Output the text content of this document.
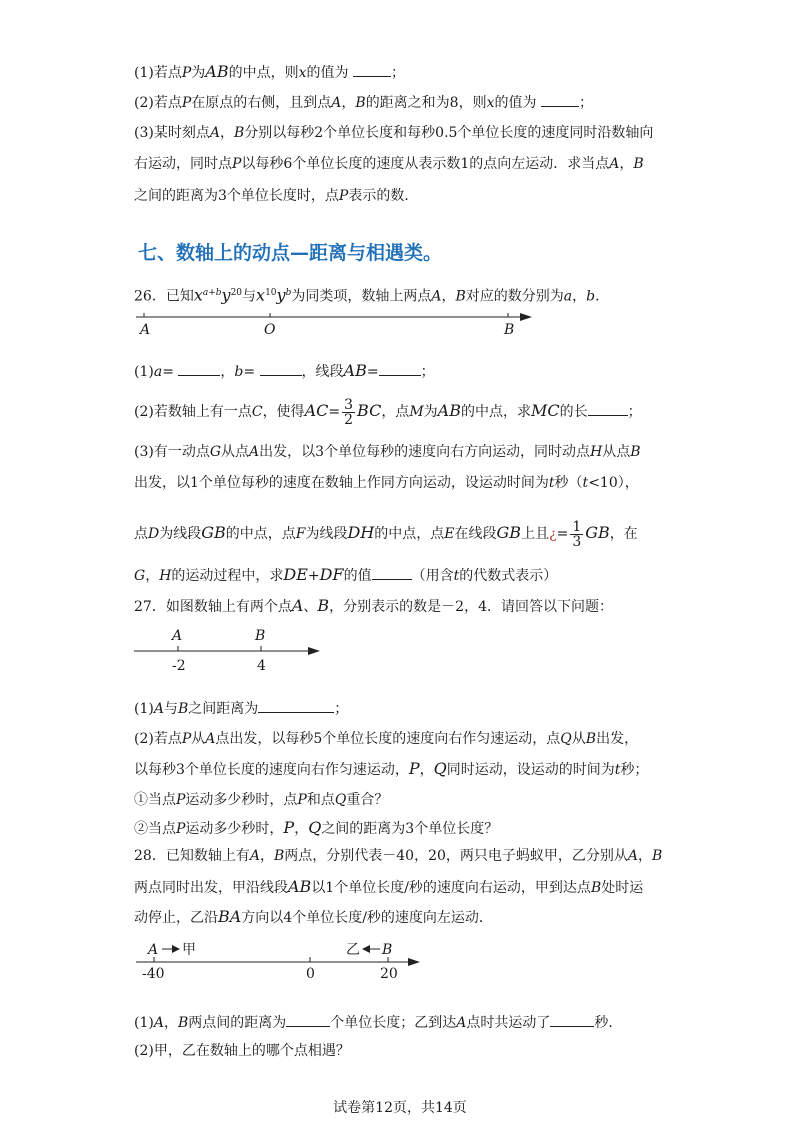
(1)若点P为AB的中点，则x的值为	；
(2)若点P在原点的右侧，且到点A，B的距离之和为8，则x的值为	；
(3)某时刻点A，B分别以每秒2个单位长度和每秒0.5个单位长度的速度同时沿数轴向
右运动，同时点P以每秒6个单位长度的速度从表示数1的点向左运动．求当点A，B
之间的距离为3个单位长度时，点P表示的数．
七、数轴上的动点—距离与相遇类。
26．已知$x^{a+b}y^{20}$与$x^{10}y^b$为同类项，数轴上两点A，B对应的数分别为a，b．
A	O	B
(1)a=	，b=	，线段AB=	；
(2)若数轴上有一点C，使得$AC= \frac{3}{2}$ BC，点M为AB的中点，求MC的长	；
(3)有一动点G从点A出发，以3个单位每秒的速度向右方向运动，同时动点H从点B
出发，以1个单位每秒的速度在数轴上作同方向运动，设运动时间为t秒（t<10），
点D为线段GB的中点，点F为线段DH的中点，点E在线段GB上且¿= $\frac{1}{3}$ GB，在
G，H的运动过程中，求DE+DF的值	（用含t的代数式表示）
27．如图数轴上有两个点A、B，分别表示的数是－2，4．请回答以下问题：
A	B
-2	4
(1)A与B之间距离为	；
(2)若点P从A点出发，以每秒5个单位长度的速度向右作匀速运动，点Q从B出发，
以每秒3个单位长度的速度向右作匀速运动，P，Q同时运动，设运动的时间为t秒；
①当点P运动多少秒时，点P和点Q重合？
②当点P运动多少秒时，P，Q之间的距离为3个单位长度？
28．已知数轴上有A，B两点，分别代表－40，20，两只电子蚂蚁甲，乙分别从A，B
两点同时出发，甲沿线段AB以1个单位长度/秒的速度向右运动，甲到达点B处时运
动停止，乙沿BA方向以4个单位长度/秒的速度向左运动．
A 甲	乙 B
-40	0	20
(1)A，B两点间的距离为	个单位长度；乙到达A点时共运动了	秒．
(2)甲，乙在数轴上的哪个点相遇？
试卷第12页，共14页
